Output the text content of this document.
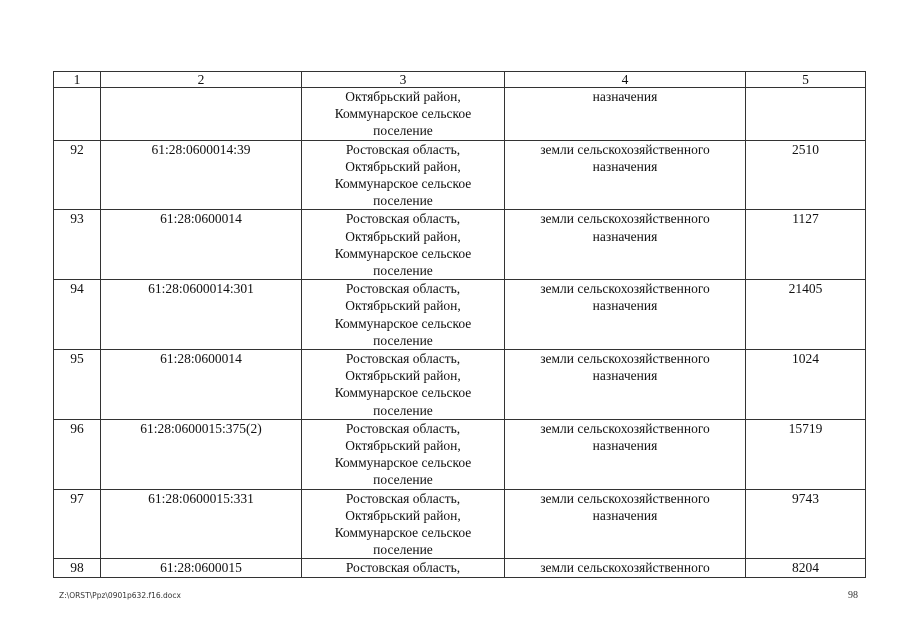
1	2	3	4	5

		Октябрьский район,
Коммунарское сельское
поселение	назначения	

92	61:28:0600014:39	Ростовская область,
Октябрьский район,
Коммунарское сельское
поселение	земли сельскохозяйственного
назначения	2510

93	61:28:0600014	Ростовская область,
Октябрьский район,
Коммунарское сельское
поселение	земли сельскохозяйственного
назначения	1127

94	61:28:0600014:301	Ростовская область,
Октябрьский район,
Коммунарское сельское
поселение	земли сельскохозяйственного
назначения	21405

95	61:28:0600014	Ростовская область,
Октябрьский район,
Коммунарское сельское
поселение	земли сельскохозяйственного
назначения	1024

96	61:28:0600015:375(2)	Ростовская область,
Октябрьский район,
Коммунарское сельское
поселение	земли сельскохозяйственного
назначения	15719

97	61:28:0600015:331	Ростовская область,
Октябрьский район,
Коммунарское сельское
поселение	земли сельскохозяйственного
назначения	9743

98	61:28:0600015	Ростовская область,	земли сельскохозяйственного	8204
Z:\ORST\Ppz\0901p632.f16.docx	98
